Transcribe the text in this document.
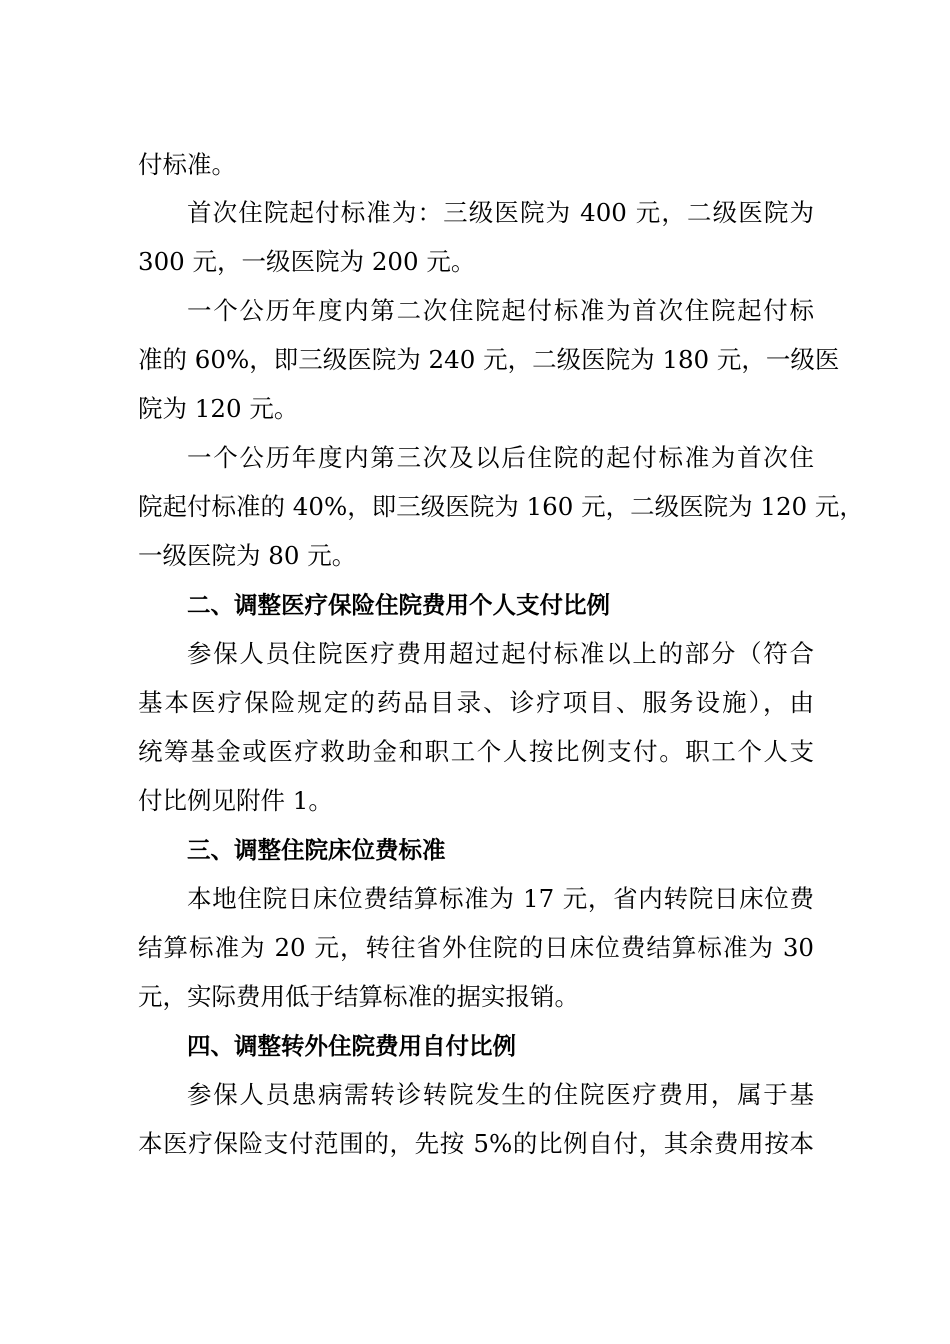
付标准。
首次住院起付标准为：三级医院为 400 元，二级医院为
300 元，一级医院为 200 元。
一个公历年度内第二次住院起付标准为首次住院起付标
准的 60%，即三级医院为 240 元，二级医院为 180 元，一级医
院为 120 元。
一个公历年度内第三次及以后住院的起付标准为首次住
院起付标准的 40%，即三级医院为 160 元，二级医院为 120 元，
一级医院为 80 元。
二、调整医疗保险住院费用个人支付比例
参保人员住院医疗费用超过起付标准以上的部分（符合
基本医疗保险规定的药品目录、诊疗项目、服务设施），由
统筹基金或医疗救助金和职工个人按比例支付。职工个人支
付比例见附件 1。
三、调整住院床位费标准
本地住院日床位费结算标准为 17 元，省内转院日床位费
结算标准为 20 元，转往省外住院的日床位费结算标准为 30
元，实际费用低于结算标准的据实报销。
四、调整转外住院费用自付比例
参保人员患病需转诊转院发生的住院医疗费用，属于基
本医疗保险支付范围的，先按 5%的比例自付，其余费用按本
